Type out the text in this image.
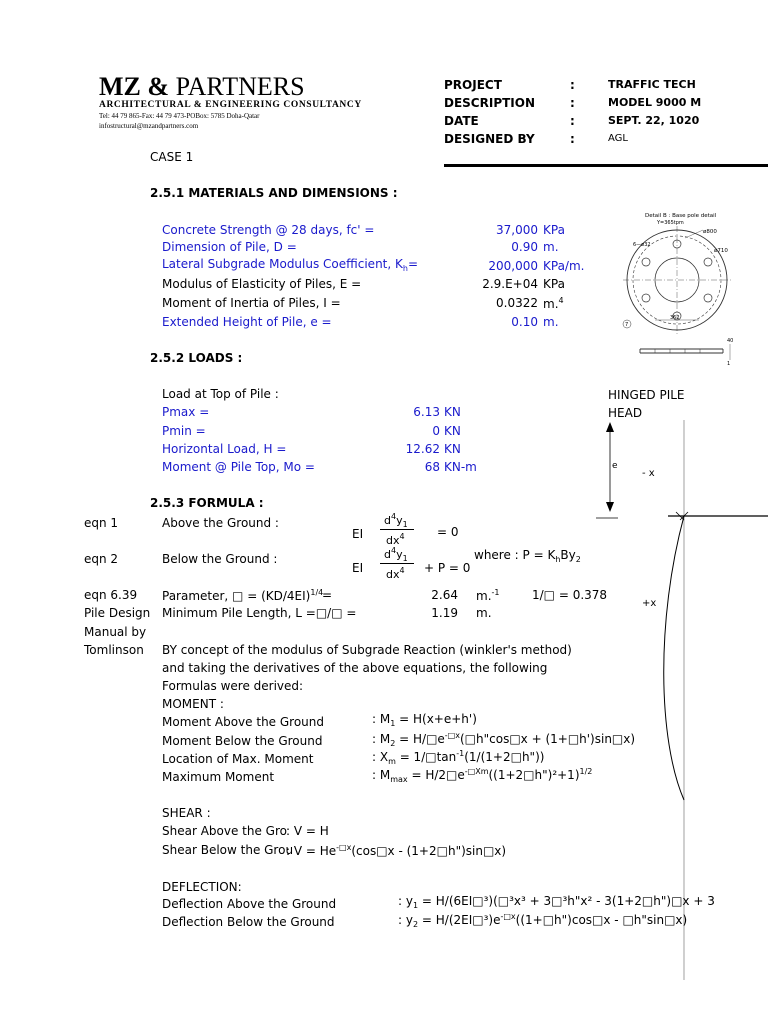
MZ & PARTNERS
ARCHITECTURAL & ENGINEERING CONSULTANCY
Tel: 44 79 865-Fax: 44 79 473-POBox: 5785 Doha-Qatar
infostructural@mzandpartners.com
PROJECT	:	TRAFFIC TECH
DESCRIPTION	:	MODEL 9000 M
DATE	:	SEPT. 22, 1020
DESIGNED BY	:	AGL
CASE 1
2.5.1 MATERIALS AND DIMENSIONS :
Concrete Strength @ 28 days, fc' =	37,000 KPa
Dimension of Pile, D =	0.90 m.
Lateral Subgrade Modulus Coefficient, $K_h=$	200,000 KPa/m.
Modulus of Elasticity of Piles, E =	2.9.E+04 KPa
Moment of Inertia of Piles, I =	0.0322 m.$^4$
Extended Height of Pile, e =	0.10 m.
Detail B : Base pole detail
Y=365tpm
ø800
ø710
6—ø32
362
7
40
1
2.5.2 LOADS :
Load at Top of Pile :
Pmax =	6.13 KN
Pmin =	0 KN
Horizontal Load, H =	12.62 KN
Moment @ Pile Top, Mo =	68 KN-m
HINGED PILE
HEAD
e
- x
+x
2.5.3 FORMULA :
eqn 1	Above the Ground :
EI
$d^4y_1$
$dx^4$	= 0
eqn 2	Below the Ground :
EI
$d^4y_1$
$dx^4 + P = 0$
where : $P = K_hBy_2$
eqn 6.39 Parameter, □ = $(KD/4EI)^{1/4}$
=	2.64 m.$^{-1}$	1/□ = 0.378
Pile Design Minimum Pile Length, L =□/□ =	1.19 m.
Manual by
Tomlinson BY concept of the modulus of Subgrade Reaction (winkler's method)
and taking the derivatives of the above equations, the following
Formulas were derived:
MOMENT :
Moment Above the Ground	: $M_1 = H(x+e+h')$
Moment Below the Ground	: $M_2$ = $H/□e^{-□x}(□h"\cos□x$ + (1+□h')sin□x)
Location of Max. Moment	: $X_m$ = $1/□\tan^{-1}(1/(1+2□h"))$
Maximum Moment	: $M_{max}$ = $H/2□e^{-□Xm}((1+2□h")^2+1)^{1/2}$
SHEAR :
Shear Above the Gro : V = H
Shear Below the Grou
: $V = He^{-□x}(\cos□x$ - (1+2□h")sin□x)
DEFLECTION:
Deflection Above the Ground	: $y_1$ = H/(6EI□³)(□³x³ + 3□³h"x² - 3(1+2□h")□x + 3
Deflection Below the Ground	: $y_2$ = $H/(2EI□^3)e^{-□x}((1+□h")\cos□x$ - □h"sin□x)
